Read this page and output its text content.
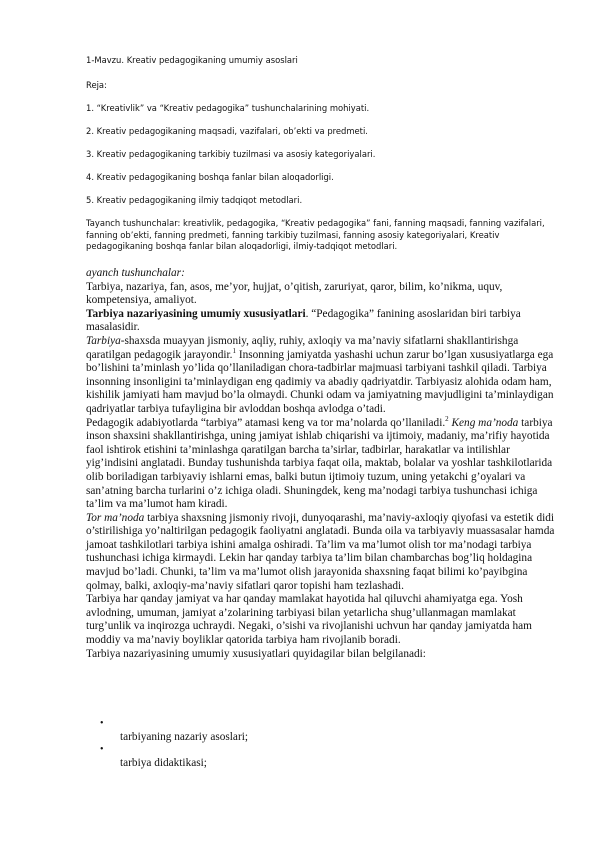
1-Mavzu. Kreativ pedagogikaning umumiy asoslari

Reja:

1. “Kreativlik” va “Kreativ pedagogika” tushunchalarining mohiyati.

2. Kreativ pedagogikaning maqsadi, vazifalari, ob’ekti va predmeti.

3. Kreativ pedagogikaning tarkibiy tuzilmasi va asosiy kategoriyalari.

4. Kreativ pedagogikaning boshqa fanlar bilan aloqadorligi.

5. Kreativ pedagogikaning ilmiy tadqiqot metodlari.

Tayanch tushunchalar: kreativlik, pedagogika, “Kreativ pedagogika” fani, fanning maqsadi, fanning vazifalari, fanning ob’ekti, fanning predmeti, fanning tarkibiy tuzilmasi, fanning asosiy kategoriyalari, Kreativ pedagogikaning boshqa fanlar bilan aloqadorligi, ilmiy-tadqiqot metodlari.

ayanch tushunchalar:

Tarbiya, nazariya, fan, asos, me’yor, hujjat, o’qitish, zaruriyat, qaror, bilim, ko’nikma, uquv, kompetensiya, amaliyot.

Tarbiya nazariyasining umumiy xususiyatlari. “Pedagogika” fanining asoslaridan biri tarbiya masalasidir.

Tarbiya-shaxsda muayyan jismoniy, aqliy, ruhiy, axloqiy va ma’naviy sifatlarni shakllantirishga qaratilgan pedagogik jarayondir.$^1$ Insonning jamiyatda yashashi uchun zarur bo’lgan xususiyatlarga ega bo’lishini ta’minlash yo’lida qo’llaniladigan chora-tadbirlar majmuasi tarbiyani tashkil qiladi. Tarbiya insonning insonligini ta’minlaydigan eng qadimiy va abadiy qadriyatdir. Tarbiyasiz alohida odam ham, kishilik jamiyati ham mavjud bo’la olmaydi. Chunki odam va jamiyatning mavjudligini ta’minlaydigan qadriyatlar tarbiya tufayligina bir avloddan boshqa avlodga o’tadi.

Pedagogik adabiyotlarda “tarbiya” atamasi keng va tor ma’nolarda qo’llaniladi.$^2$ Keng ma’noda tarbiya inson shaxsini shakllantirishga, uning jamiyat ishlab chiqarishi va ijtimoiy, madaniy, ma’rifiy hayotida faol ishtirok etishini ta’minlashga qaratilgan barcha ta’sirlar, tadbirlar, harakatlar va intilishlar yig’indisini anglatadi. Bunday tushunishda tarbiya faqat oila, maktab, bolalar va yoshlar tashkilotlarida olib boriladigan tarbiyaviy ishlarni emas, balki butun ijtimoiy tuzum, uning yetakchi g’oyalari va san’atning barcha turlarini o’z ichiga oladi. Shuningdek, keng ma’nodagi tarbiya tushunchasi ichiga ta’lim va ma’lumot ham kiradi.

Tor ma’noda tarbiya shaxsning jismoniy rivoji, dunyoqarashi, ma’naviy-axloqiy qiyofasi va estetik didi o’stirilishiga yo’naltirilgan pedagogik faoliyatni anglatadi. Bunda oila va tarbiyaviy muassasalar hamda jamoat tashkilotlari tarbiya ishini amalga oshiradi. Ta’lim va ma’lumot olish tor ma’nodagi tarbiya tushunchasi ichiga kirmaydi. Lekin har qanday tarbiya ta’lim bilan chambarchas bog’liq holdagina mavjud bo’ladi. Chunki, ta’lim va ma’lumot olish jarayonida shaxsning faqat bilimi ko’payibgina qolmay, balki, axloqiy-ma’naviy sifatlari qaror topishi ham tezlashadi.

Tarbiya har qanday jamiyat va har qanday mamlakat hayotida hal qiluvchi ahamiyatga ega. Yosh avlodning, umuman, jamiyat a’zolarining tarbiyasi bilan yetarlicha shug’ullanmagan mamlakat turg’unlik va inqirozga uchraydi. Negaki, o’sishi va rivojlanishi uchvun har qanday jamiyatda ham moddiy va ma’naviy boyliklar qatorida tarbiya ham rivojlanib boradi.

Tarbiya nazariyasining umumiy xususiyatlari quyidagilar bilan belgilanadi:

•
tarbiyaning nazariy asoslari;
•
tarbiya didaktikasi;
